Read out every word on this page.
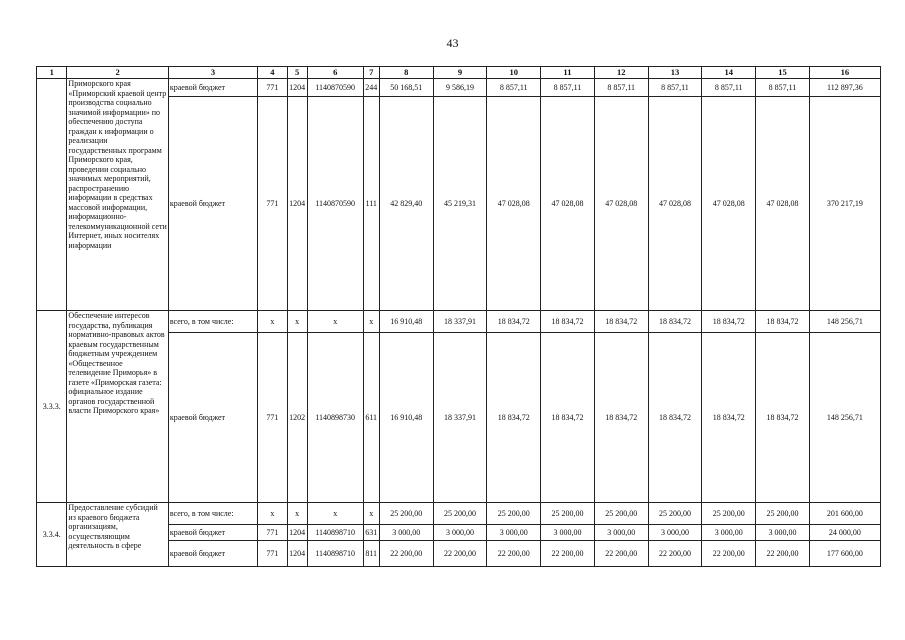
43
1	2	3	4	5	6	7	8	9	10	11	12	13	14	15	16

	Приморского края «Приморский краевой центр производства социально значимой информации» по обеспечению доступа граждан к информации о реализации государственных программ Приморского края, проведении социально значимых мероприятий, распространению информации в средствах массовой информации, информационно-телекоммуникационной сети Интернет, иных носителях информации	краевой бюджет	771	1204	1140870590	244	50 168,51	9 586,19	8 857,11	8 857,11	8 857,11	8 857,11	8 857,11	8 857,11	112 897,36
		краевой бюджет	771	1204	1140870590	111	42 829,40	45 219,31	47 028,08	47 028,08	47 028,08	47 028,08	47 028,08	47 028,08	370 217,19
3.3.3.	Обеспечение интересов государства, публикация нормативно-правовых актов краевым государственным бюджетным учреждением «Общественное телевидение Приморья» в газете «Приморская газета: официальное издание органов государственной власти Приморского края»	всего, в том числе:	x	x	x	x	16 910,48	18 337,91	18 834,72	18 834,72	18 834,72	18 834,72	18 834,72	18 834,72	148 256,71
		краевой бюджет	771	1202	1140898730	611	16 910,48	18 337,91	18 834,72	18 834,72	18 834,72	18 834,72	18 834,72	18 834,72	148 256,71
3.3.4.	Предоставление субсидий из краевого бюджета организациям, осуществляющим деятельность в сфере	всего, в том числе:	x	x	x	x	25 200,00	25 200,00	25 200,00	25 200,00	25 200,00	25 200,00	25 200,00	25 200,00	201 600,00
		краевой бюджет	771	1204	1140898710	631	3 000,00	3 000,00	3 000,00	3 000,00	3 000,00	3 000,00	3 000,00	3 000,00	24 000,00
		краевой бюджет	771	1204	1140898710	811	22 200,00	22 200,00	22 200,00	22 200,00	22 200,00	22 200,00	22 200,00	22 200,00	177 600,00
